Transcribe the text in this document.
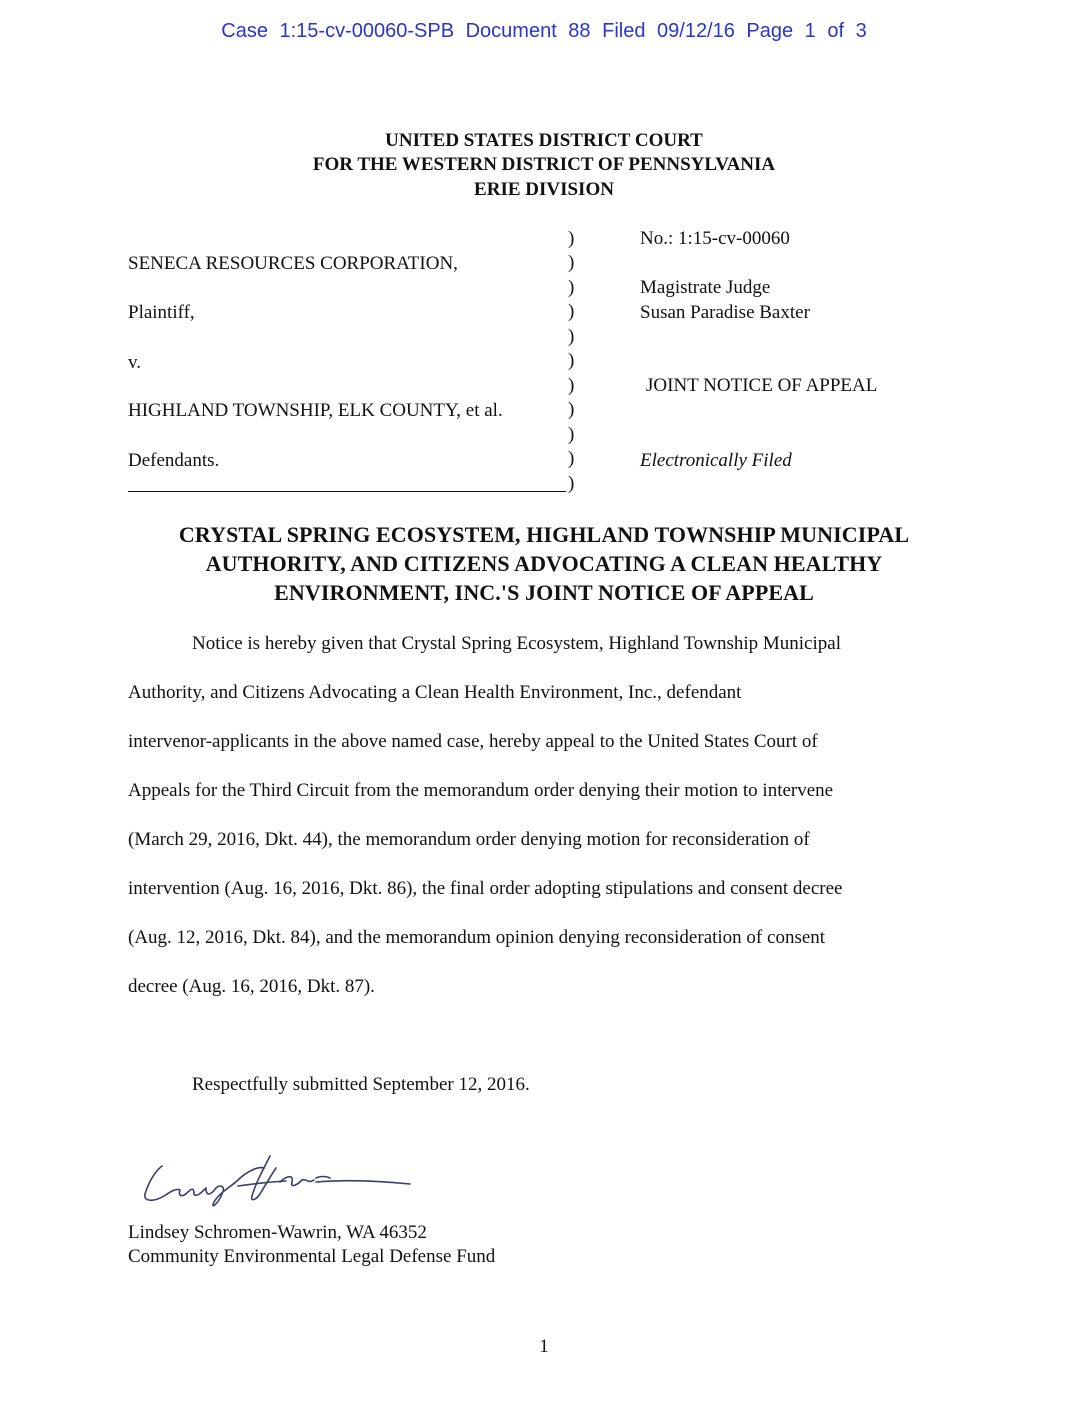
Case 1:15-cv-00060-SPB Document 88 Filed 09/12/16 Page 1 of 3
UNITED STATES DISTRICT COURT
FOR THE WESTERN DISTRICT OF PENNSYLVANIA
ERIE DIVISION
SENECA RESOURCES CORPORATION,
Plaintiff,
v.
HIGHLAND TOWNSHIP, ELK COUNTY, et al.
Defendants.
)
)
)
)
)
)
)
)
)
)
)
No.: 1:15-cv-00060
Magistrate Judge
Susan Paradise Baxter
JOINT NOTICE OF APPEAL
Electronically Filed
CRYSTAL SPRING ECOSYSTEM, HIGHLAND TOWNSHIP MUNICIPAL
AUTHORITY, AND CITIZENS ADVOCATING A CLEAN HEALTHY
ENVIRONMENT, INC.'S JOINT NOTICE OF APPEAL
Notice is hereby given that Crystal Spring Ecosystem, Highland Township Municipal
Authority, and Citizens Advocating a Clean Health Environment, Inc., defendant
intervenor-applicants in the above named case, hereby appeal to the United States Court of
Appeals for the Third Circuit from the memorandum order denying their motion to intervene
(March 29, 2016, Dkt. 44), the memorandum order denying motion for reconsideration of
intervention (Aug. 16, 2016, Dkt. 86), the final order adopting stipulations and consent decree
(Aug. 12, 2016, Dkt. 84), and the memorandum opinion denying reconsideration of consent
decree (Aug. 16, 2016, Dkt. 87).
Respectfully submitted September 12, 2016.
Lindsey Schromen-Wawrin, WA 46352
Community Environmental Legal Defense Fund
1
